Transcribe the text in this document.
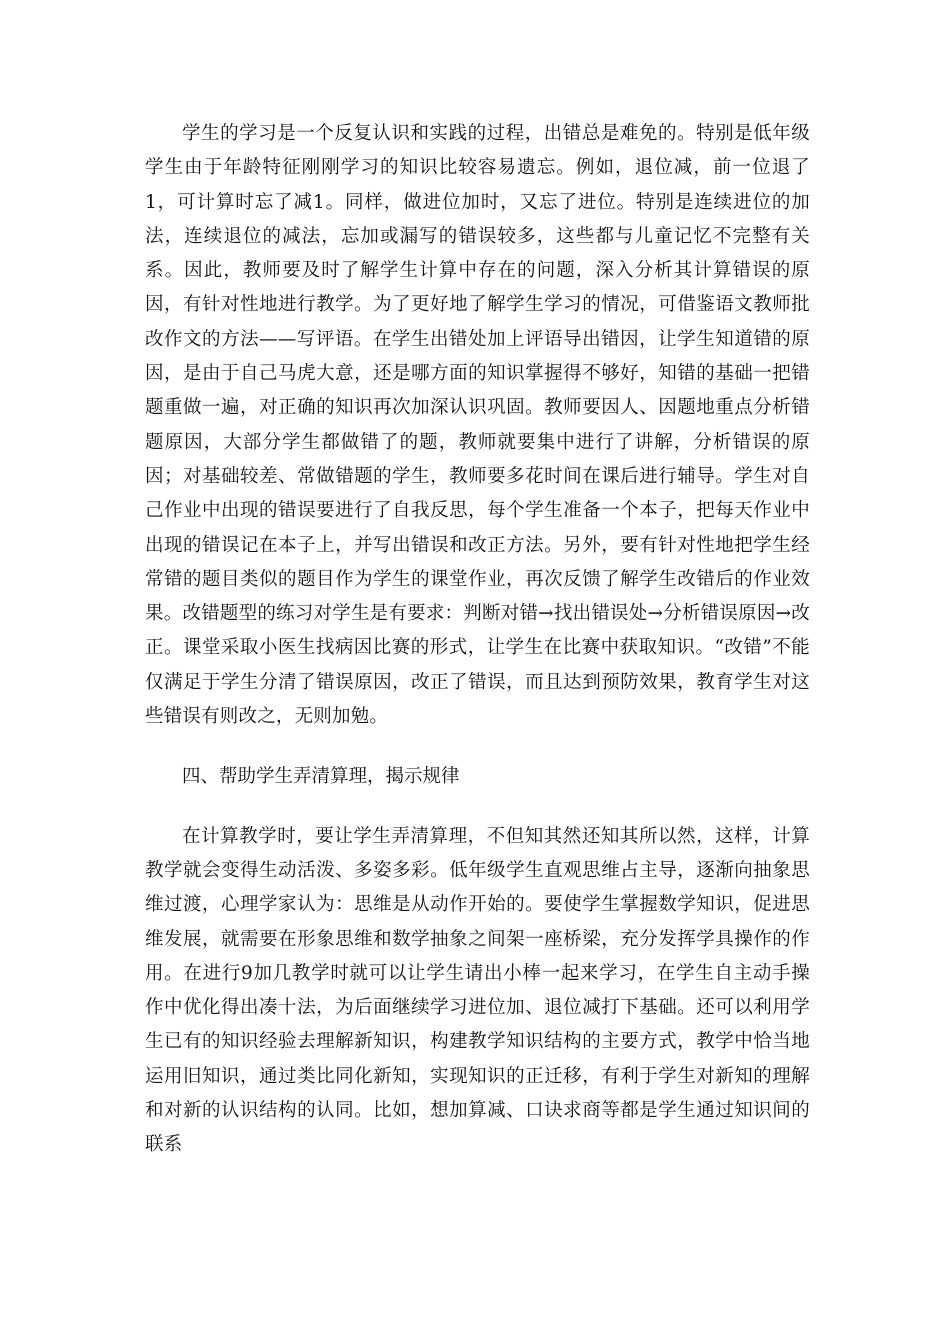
学生的学习是一个反复认识和实践的过程，出错总是难免的。特别是低年级学生由于年龄特征刚刚学习的知识比较容易遗忘。例如，退位减，前一位退了1，可计算时忘了减1。同样，做进位加时，又忘了进位。特别是连续进位的加法，连续退位的减法，忘加或漏写的错误较多，这些都与儿童记忆不完整有关系。因此，教师要及时了解学生计算中存在的问题，深入分析其计算错误的原因，有针对性地进行教学。为了更好地了解学生学习的情况，可借鉴语文教师批改作文的方法——写评语。在学生出错处加上评语导出错因，让学生知道错的原因，是由于自己马虎大意，还是哪方面的知识掌握得不够好，知错的基础一把错题重做一遍，对正确的知识再次加深认识巩固。教师要因人、因题地重点分析错题原因，大部分学生都做错了的题，教师就要集中进行了讲解，分析错误的原因；对基础较差、常做错题的学生，教师要多花时间在课后进行辅导。学生对自己作业中出现的错误要进行了自我反思，每个学生准备一个本子，把每天作业中出现的错误记在本子上，并写出错误和改正方法。另外，要有针对性地把学生经常错的题目类似的题目作为学生的课堂作业，再次反馈了解学生改错后的作业效果。改错题型的练习对学生是有要求：判断对错→找出错误处→分析错误原因→改正。课堂采取小医生找病因比赛的形式，让学生在比赛中获取知识。“改错”不能仅满足于学生分清了错误原因，改正了错误，而且达到预防效果，教育学生对这些错误有则改之，无则加勉。

四、帮助学生弄清算理，揭示规律

在计算教学时，要让学生弄清算理，不但知其然还知其所以然，这样，计算教学就会变得生动活泼、多姿多彩。低年级学生直观思维占主导，逐渐向抽象思维过渡，心理学家认为：思维是从动作开始的。要使学生掌握数学知识，促进思维发展，就需要在形象思维和数学抽象之间架一座桥梁，充分发挥学具操作的作用。在进行9加几教学时就可以让学生请出小棒一起来学习，在学生自主动手操作中优化得出凑十法，为后面继续学习进位加、退位减打下基础。还可以利用学生已有的知识经验去理解新知识，构建教学知识结构的主要方式，教学中恰当地运用旧知识，通过类比同化新知，实现知识的正迁移，有利于学生对新知的理解和对新的认识结构的认同。比如，想加算减、口诀求商等都是学生通过知识间的联系
